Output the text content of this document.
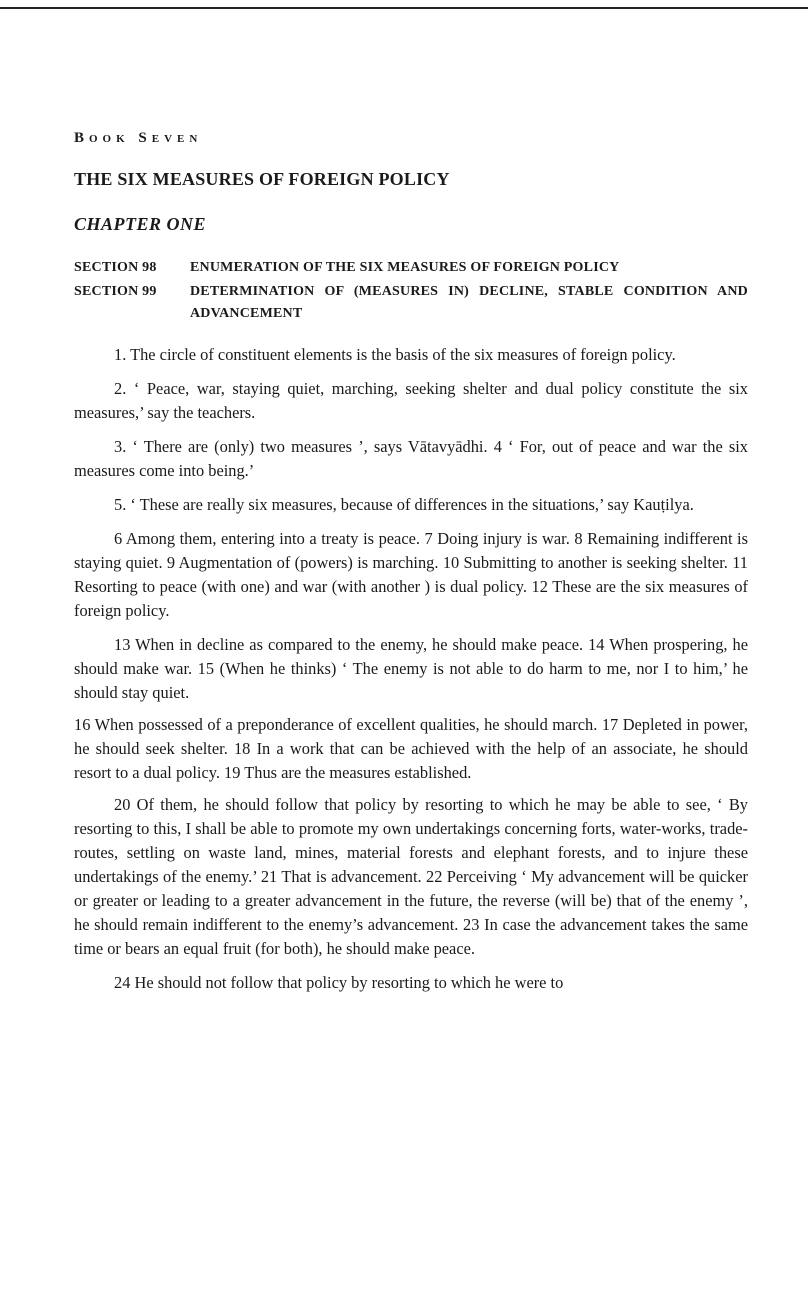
Book Seven
THE SIX MEASURES OF FOREIGN POLICY
CHAPTER ONE
SECTION 98	ENUMERATION OF THE SIX MEASURES OF FOREIGN POLICY
SECTION 99	DETERMINATION OF (MEASURES IN) DECLINE, STABLE CONDITION AND ADVANCEMENT

1. The circle of constituent elements is the basis of the six measures of foreign policy.

2. ‘ Peace, war, staying quiet, marching, seeking shelter and dual policy constitute the six measures,’ say the teachers.

3. ‘ There are (only) two measures ’, says Vātavyādhi. 4 ‘ For, out of peace and war the six measures come into being.’

5. ‘ These are really six measures, because of differences in the situations,’ say Kauṭilya.

6 Among them, entering into a treaty is peace. 7 Doing injury is war. 8 Remaining indifferent is staying quiet. 9 Augmentation of (powers) is marching. 10 Submitting to another is seeking shelter. 11 Resorting to peace (with one) and war (with another ) is dual policy. 12 These are the six measures of foreign policy.

13 When in decline as compared to the enemy, he should make peace. 14 When prospering, he should make war. 15 (When he thinks) ‘ The enemy is not able to do harm to me, nor I to him,’ he should stay quiet.

16 When possessed of a preponderance of excellent qualities, he should march. 17 Depleted in power, he should seek shelter. 18 In a work that can be achieved with the help of an associate, he should resort to a dual policy. 19 Thus are the measures established.

20 Of them, he should follow that policy by resorting to which he may be able to see, ‘ By resorting to this, I shall be able to promote my own undertakings concerning forts, water-works, trade-routes, settling on waste land, mines, material forests and elephant forests, and to injure these undertakings of the enemy.’ 21 That is advancement. 22 Perceiving ‘ My advancement will be quicker or greater or leading to a greater advancement in the future, the reverse (will be) that of the enemy ’, he should remain indifferent to the enemy’s advancement. 23 In case the advancement takes the same time or bears an equal fruit (for both), he should make peace.

24 He should not follow that policy by resorting to which he were to
